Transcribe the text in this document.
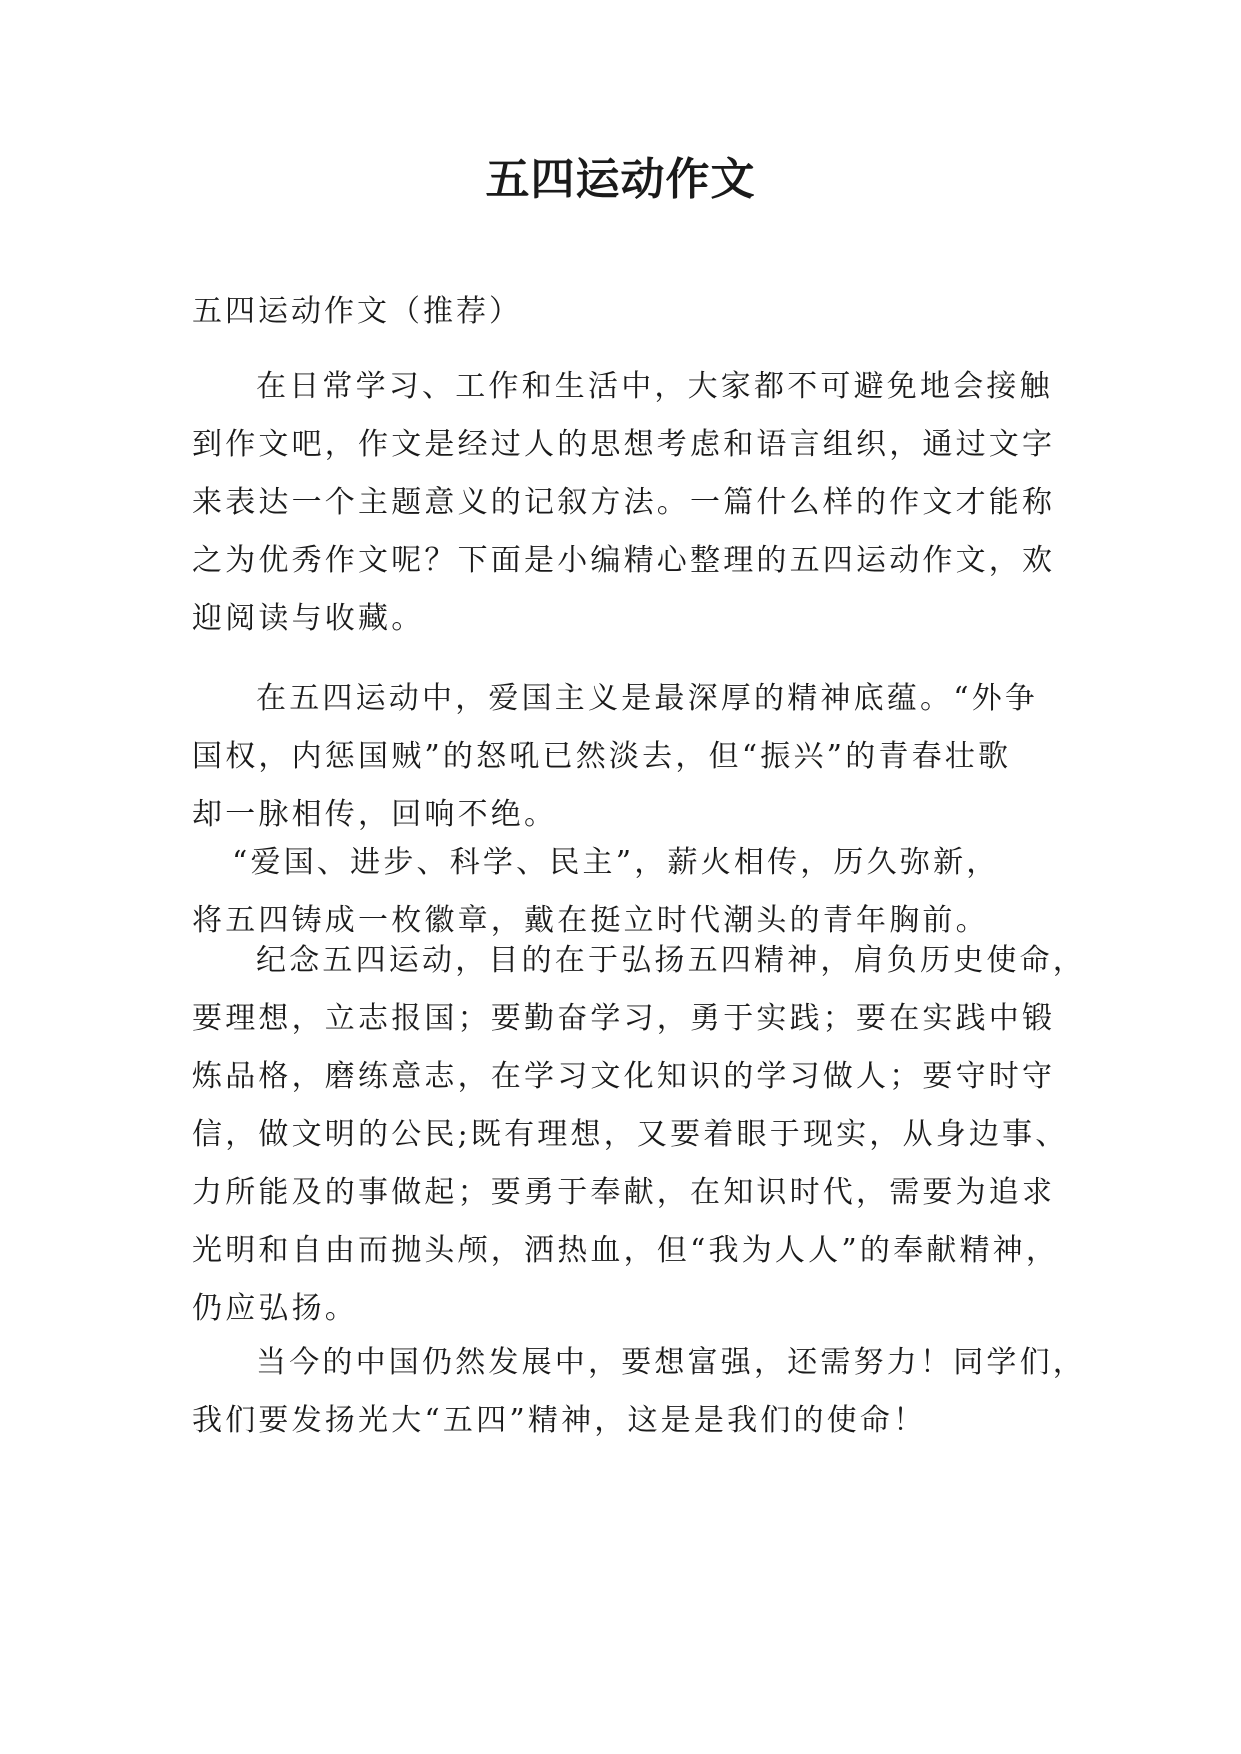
五四运动作文

五四运动作文（推荐）

在日常学习、工作和生活中，大家都不可避免地会接触
到作文吧，作文是经过人的思想考虑和语言组织，通过文字
来表达一个主题意义的记叙方法。一篇什么样的作文才能称
之为优秀作文呢？下面是小编精心整理的五四运动作文，欢
迎阅读与收藏。

在五四运动中，爱国主义是最深厚的精神底蕴。“外争
国权，内惩国贼”的怒吼已然淡去，但“振兴”的青春壮歌
却一脉相传，回响不绝。

“爱国、进步、科学、民主”，薪火相传，历久弥新，
将五四铸成一枚徽章，戴在挺立时代潮头的青年胸前。

纪念五四运动，目的在于弘扬五四精神，肩负历史使命，
要理想，立志报国；要勤奋学习，勇于实践；要在实践中锻
炼品格，磨练意志，在学习文化知识的学习做人；要守时守
信，做文明的公民;既有理想，又要着眼于现实，从身边事、
力所能及的事做起；要勇于奉献，在知识时代，需要为追求
光明和自由而抛头颅，洒热血，但“我为人人”的奉献精神，
仍应弘扬。

当今的中国仍然发展中，要想富强，还需努力！同学们，
我们要发扬光大“五四”精神，这是是我们的使命！
